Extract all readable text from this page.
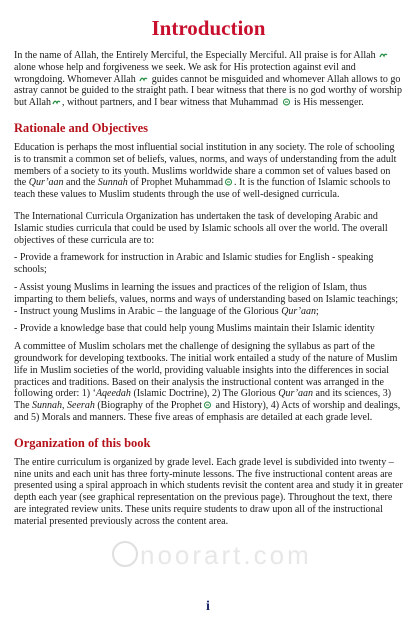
Introduction

In the name of Allah, the Entirely Merciful, the Especially Merciful. All praise is for Allah  alone whose help and forgiveness we seek. We ask for His protection against evil and wrongdoing. Whomever Allah guides cannot be misguided and whomever Allah allows to go astray cannot be guided to the straight path. I bear witness that there is no god worthy of worship but Allah , without partners, and I bear witness that Muhammad is His messenger.

Rationale and Objectives

Education is perhaps the most influential social institution in any society. The role of schooling is to transmit a common set of beliefs, values, norms, and ways of understanding from the adult members of a society to its youth. Muslims worldwide share a common set of values based on the Qur’aan and the Sunnah of Prophet Muhammad . It is the function of Islamic schools to teach these values to Muslim students through the use of well-designed curricula.

The International Curricula Organization has undertaken the task of developing Arabic and Islamic studies curricula that could be used by Islamic schools all over the world. The overall objectives of these curricula are to:

- Provide a framework for instruction in Arabic and Islamic studies for English - speaking schools;

- Assist young Muslims in learning the issues and practices of the religion of Islam, thus imparting to them beliefs, values, norms and ways of understanding based on Islamic teachings;

- Instruct young Muslims in Arabic – the language of the Glorious Qur’aan;

- Provide a knowledge base that could help young Muslims maintain their Islamic identity

A committee of Muslim scholars met the challenge of designing the syllabus as part of the groundwork for developing textbooks. The initial work entailed a study of the nature of Muslim life in Muslim societies of the world, providing valuable insights into the differences in social practices and traditions. Based on their analysis the instructional content was arranged in the following order: 1) ‘Aqeedah (Islamic Doctrine), 2) The Glorious Qur’aan and its sciences, 3) The Sunnah, Seerah (Biography of the Prophet and History), 4) Acts of worship and dealings, and 5) Morals and manners. These five areas of emphasis are detailed at each grade level.

Organization of this book

The entire curriculum is organized by grade level. Each grade level is subdivided into twenty – nine units and each unit has three forty-minute lessons. The five instructional content areas are presented using a spiral approach in which students revisit the content area and study it in greater depth each year (see graphical representation on the previous page). Throughout the text, there are integrated review units. These units require students to draw upon all of the instructional material presented previously across the content area.

noorart.com
i
